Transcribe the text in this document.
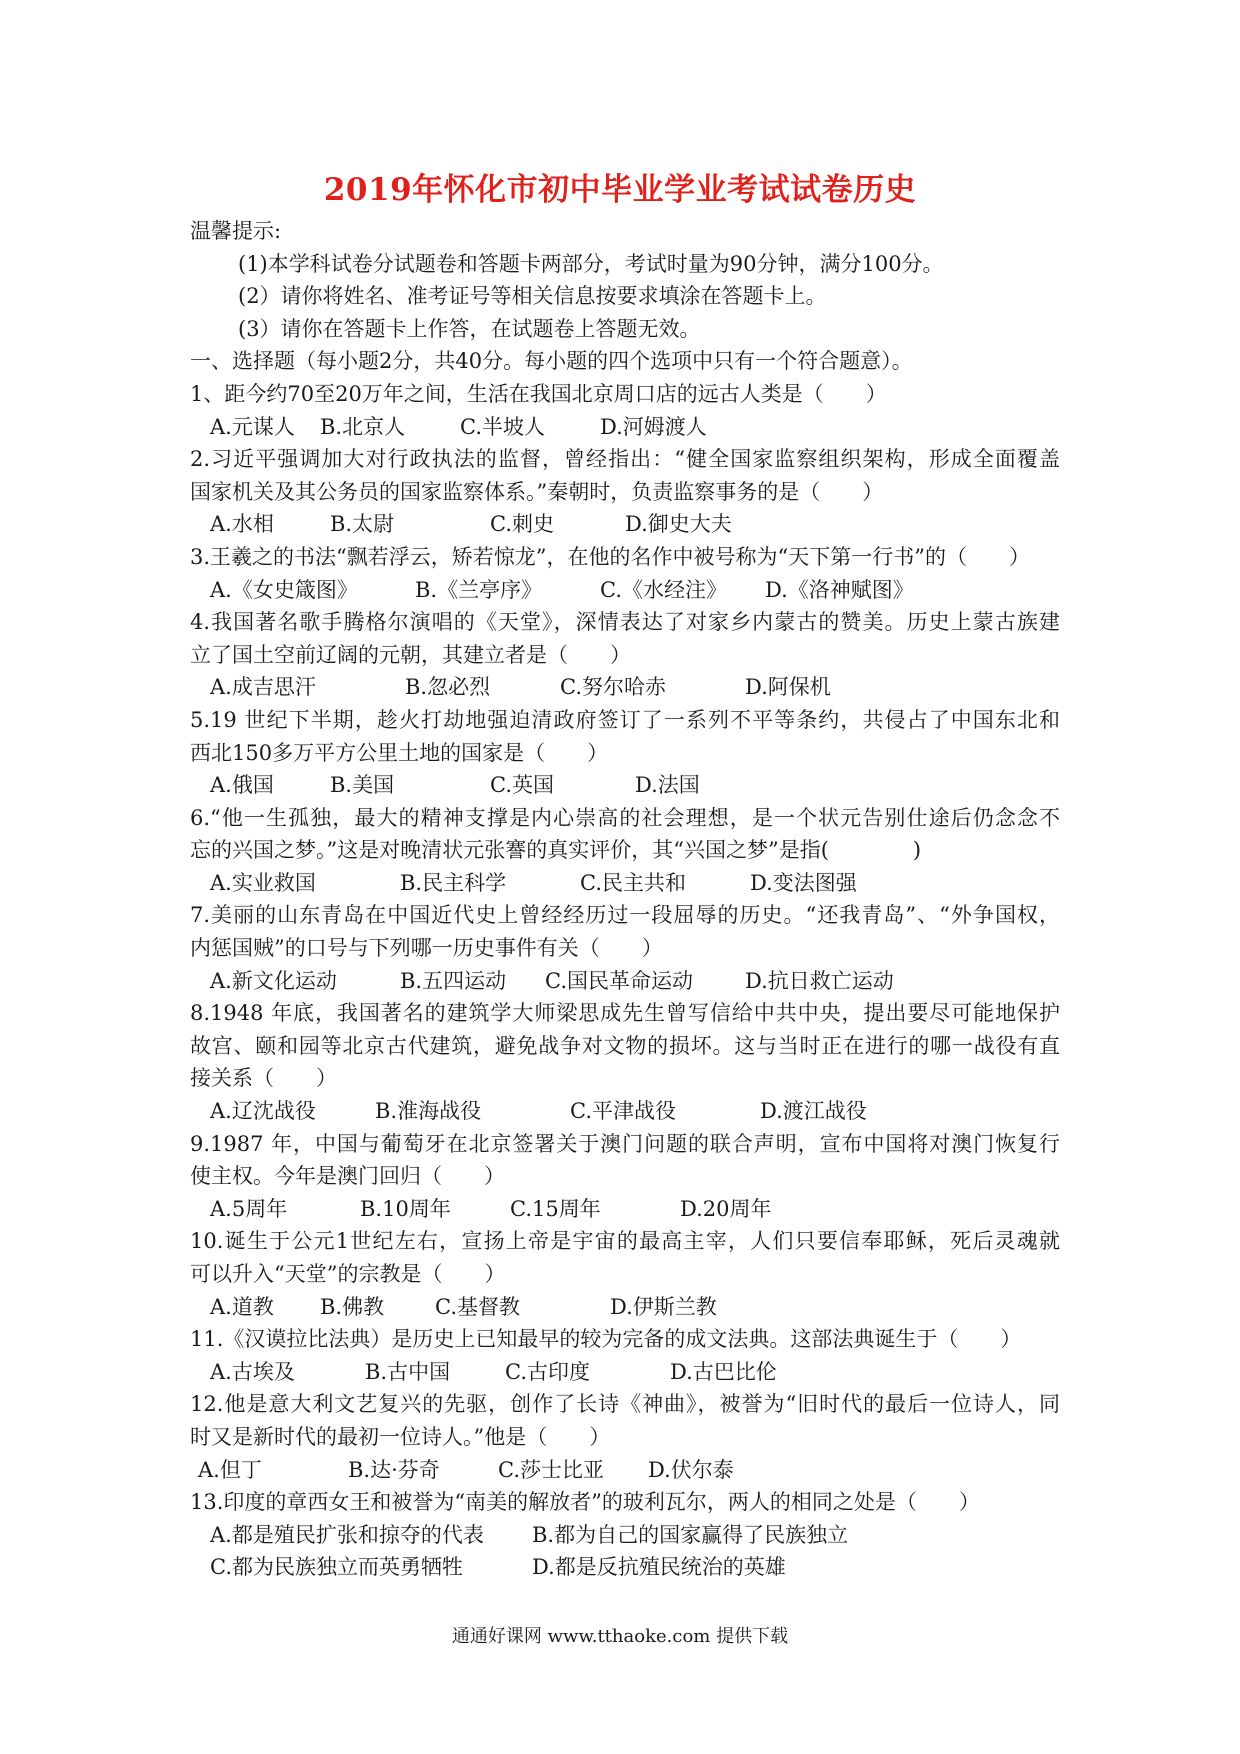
2019年怀化市初中毕业学业考试试卷历史
温馨提示:
(1)本学科试卷分试题卷和答题卡两部分，考试时量为90分钟，满分100分。
(2）请你将姓名、准考证号等相关信息按要求填涂在答题卡上。
(3）请你在答题卡上作答，在试题卷上答题无效。
一、选择题（每小题2分，共40分。每小题的四个选项中只有一个符合题意）。
1、距今约70至20万年之间，生活在我国北京周口店的远古人类是（　　）
A.元谋人	B.北京人	C.半坡人	D.河姆渡人
2.习近平强调加大对行政执法的监督，曾经指出：“健全国家监察组织架构，形成全面覆盖
国家机关及其公务员的国家监察体系。”秦朝时，负责监察事务的是（　　）
A.水相	B.太尉	C.刺史	D.御史大夫
3.王羲之的书法“飘若浮云，矫若惊龙”，在他的名作中被号称为“天下第一行书”的（　　）
A.《女史箴图》	B.《兰亭序》	C.《水经注》	D.《洛神赋图》
4.我国著名歌手腾格尔演唱的《天堂》，深情表达了对家乡内蒙古的赞美。历史上蒙古族建
立了国土空前辽阔的元朝，其建立者是（　　）
A.成吉思汗	B.忽必烈	C.努尔哈赤	D.阿保机
5.19 世纪下半期，趁火打劫地强迫清政府签订了一系列不平等条约，共侵占了中国东北和
西北150多万平方公里土地的国家是（　　）
A.俄国	B.美国	C.英国	D.法国
6.“他一生孤独，最大的精神支撑是内心崇高的社会理想，是一个状元告别仕途后仍念念不
忘的兴国之梦。”这是对晚清状元张謇的真实评价，其“兴国之梦”是指(　　　　)
A.实业救国	B.民主科学	C.民主共和	D.变法图强
7.美丽的山东青岛在中国近代史上曾经经历过一段屈辱的历史。“还我青岛”、“外争国权，
内惩国贼”的口号与下列哪一历史事件有关（　　）
A.新文化运动	B.五四运动	C.国民革命运动	D.抗日救亡运动
8.1948 年底，我国著名的建筑学大师梁思成先生曾写信给中共中央，提出要尽可能地保护
故宫、颐和园等北京古代建筑，避免战争对文物的损坏。这与当时正在进行的哪一战役有直
接关系（　　）
A.辽沈战役	B.淮海战役	C.平津战役	D.渡江战役
9.1987 年，中国与葡萄牙在北京签署关于澳门问题的联合声明，宣布中国将对澳门恢复行
使主权。今年是澳门回归（　　）
A.5周年	B.10周年	C.15周年	D.20周年
10.诞生于公元1世纪左右，宣扬上帝是宇宙的最高主宰，人们只要信奉耶稣，死后灵魂就
可以升入“天堂”的宗教是（　　）
A.道教	B.佛教	C.基督教	D.伊斯兰教
11.《汉谟拉比法典）是历史上已知最早的较为完备的成文法典。这部法典诞生于（　　）
A.古埃及	B.古中国	C.古印度	D.古巴比伦
12.他是意大利文艺复兴的先驱，创作了长诗《神曲》，被誉为“旧时代的最后一位诗人，同
时又是新时代的最初一位诗人。”他是（　　）
A.但丁	B.达·芬奇	C.莎士比亚	D.伏尔泰
13.印度的章西女王和被誉为“南美的解放者”的玻利瓦尔，两人的相同之处是（　　）
A.都是殖民扩张和掠夺的代表	B.都为自己的国家赢得了民族独立
C.都为民族独立而英勇牺牲	D.都是反抗殖民统治的英雄
通通好课网 www.tthaoke.com 提供下载
